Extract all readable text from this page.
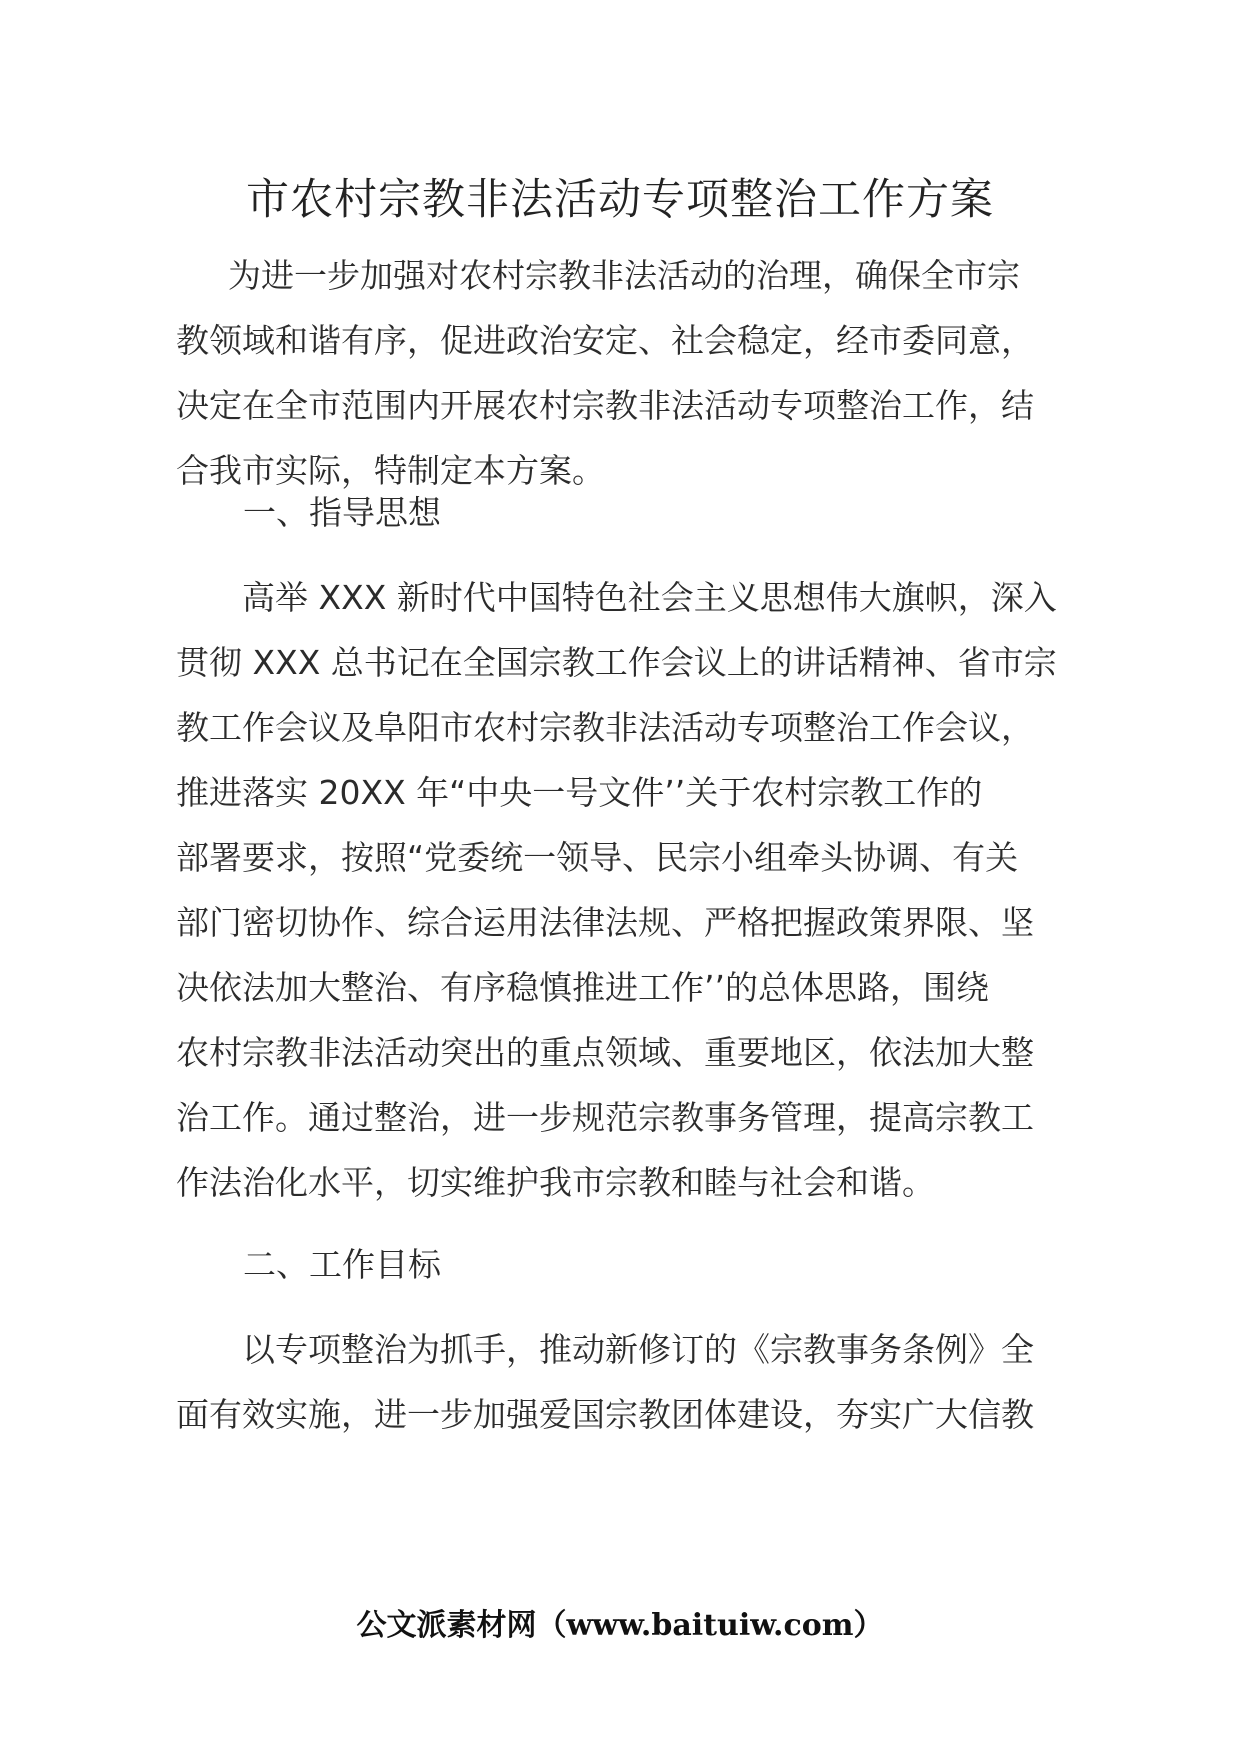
市农村宗教非法活动专项整治工作方案
为进一步加强对农村宗教非法活动的治理，确保全市宗
教领域和谐有序，促进政治安定、社会稳定，经市委同意，
决定在全市范围内开展农村宗教非法活动专项整治工作，结
合我市实际，特制定本方案。
一、指导思想
高举 XXX 新时代中国特色社会主义思想伟大旗帜，深入
贯彻 XXX 总书记在全国宗教工作会议上的讲话精神、省市宗
教工作会议及阜阳市农村宗教非法活动专项整治工作会议，
推进落实 20XX 年“中央一号文件’’关于农村宗教工作的
部署要求，按照“党委统一领导、民宗小组牵头协调、有关
部门密切协作、综合运用法律法规、严格把握政策界限、坚
决依法加大整治、有序稳慎推进工作’’的总体思路，围绕
农村宗教非法活动突出的重点领域、重要地区，依法加大整
治工作。通过整治，进一步规范宗教事务管理，提高宗教工
作法治化水平，切实维护我市宗教和睦与社会和谐。
二、工作目标
以专项整治为抓手，推动新修订的《宗教事务条例》全
面有效实施，进一步加强爱国宗教团体建设，夯实广大信教
公文派素材网（www.baituiw.com）
